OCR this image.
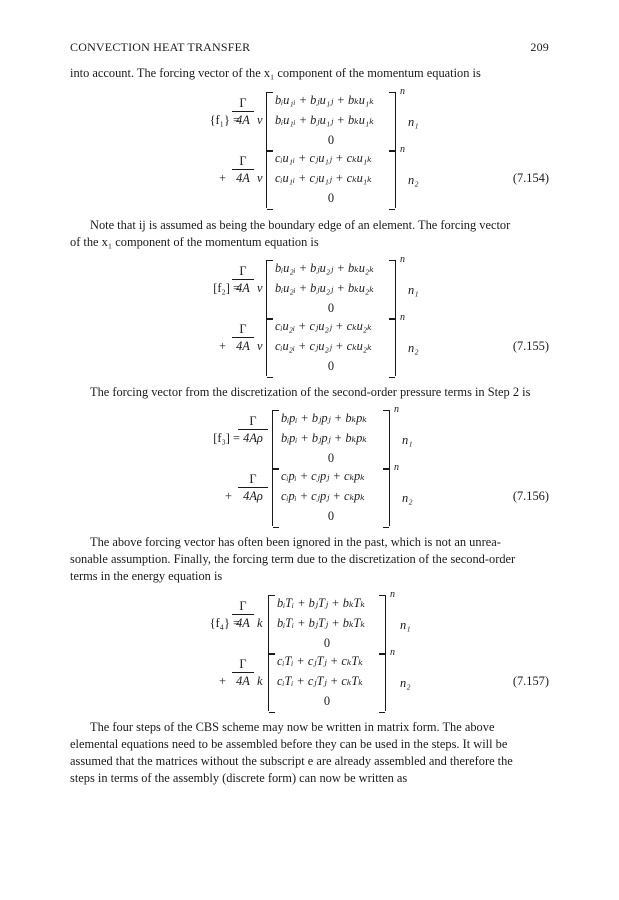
CONVECTION HEAT TRANSFER	209
into account. The forcing vector of the x₁ component of the momentum equation is
{f₁} =
Γ
4A ν
bᵢu₁ᵢ + bⱼu₁ⱼ + bₖu₁ₖ
bᵢu₁ᵢ + bⱼu₁ⱼ + bₖu₁ₖ
0
n
n₁
+
Γ
4A ν
cᵢu₁ᵢ + cⱼu₁ⱼ + cₖu₁ₖ
cᵢu₁ᵢ + cⱼu₁ⱼ + cₖu₁ₖ
0
n
n₂	(7.154)
Note that ij is assumed as being the boundary edge of an element. The forcing vector
of the x₁ component of the momentum equation is
[f₂] =
Γ
4A ν
bᵢu₂ᵢ + bⱼu₂ⱼ + bₖu₂ₖ
bᵢu₂ᵢ + bⱼu₂ⱼ + bₖu₂ₖ
0
n
n₁
+
Γ
4A ν
cᵢu₂ᵢ + cⱼu₂ⱼ + cₖu₂ₖ
cᵢu₂ᵢ + cⱼu₂ⱼ + cₖu₂ₖ
0
n
n₂	(7.155)
The forcing vector from the discretization of the second-order pressure terms in Step 2 is
[f₃] =
Γ
4Aρ
bᵢpᵢ + bⱼpⱼ + bₖpₖ
bᵢpᵢ + bⱼpⱼ + bₖpₖ
0
n
n₁
+
Γ
4Aρ
cᵢpᵢ + cⱼpⱼ + cₖpₖ
cᵢpᵢ + cⱼpⱼ + cₖpₖ
0
n
n₂	(7.156)
The above forcing vector has often been ignored in the past, which is not an unrea-
sonable assumption. Finally, the forcing term due to the discretization of the second-order
terms in the energy equation is
{f₄} =
Γ
4A k
bᵢTᵢ + bⱼTⱼ + bₖTₖ
bᵢTᵢ + bⱼTⱼ + bₖTₖ
0
n
n₁
+
Γ
4A k
cᵢTᵢ + cⱼTⱼ + cₖTₖ
cᵢTᵢ + cⱼTⱼ + cₖTₖ
0
n
n₂	(7.157)
The four steps of the CBS scheme may now be written in matrix form. The above
elemental equations need to be assembled before they can be used in the steps. It will be
assumed that the matrices without the subscript e are already assembled and therefore the
steps in terms of the assembly (discrete form) can now be written as
